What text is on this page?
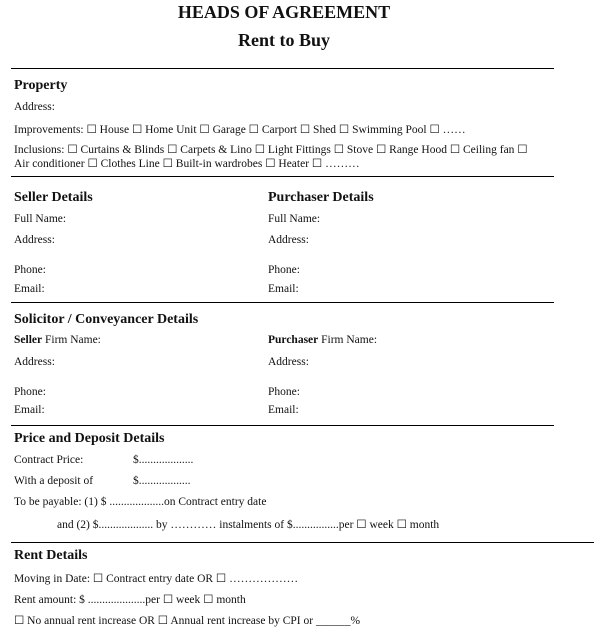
HEADS OF AGREEMENT
Rent to Buy
Property
Address:
Improvements: ☐ House ☐ Home Unit ☐ Garage ☐ Carport ☐ Shed ☐ Swimming Pool ☐ ……
Inclusions: ☐ Curtains & Blinds ☐ Carpets & Lino ☐ Light Fittings ☐ Stove ☐ Range Hood ☐ Ceiling fan ☐
Air conditioner ☐ Clothes Line ☐ Built-in wardrobes ☐ Heater ☐ ………
Seller Details	Purchaser Details
Full Name:	Full Name:
Address:	Address:
Phone:	Phone:
Email:	Email:
Solicitor / Conveyancer Details
Seller Firm Name:	Purchaser Firm Name:
Address:	Address:
Phone:	Phone:
Email:	Email:
Price and Deposit Details
Contract Price:	$...................
With a deposit of	$..................
To be payable: (1) $ ...................on Contract entry date
and (2) $................... by ………… instalments of $................per ☐ week ☐ month
Rent Details
Moving in Date: ☐ Contract entry date OR ☐ ………………
Rent amount: $ ....................per ☐ week ☐ month
☐ No annual rent increase OR ☐ Annual rent increase by CPI or ______%
